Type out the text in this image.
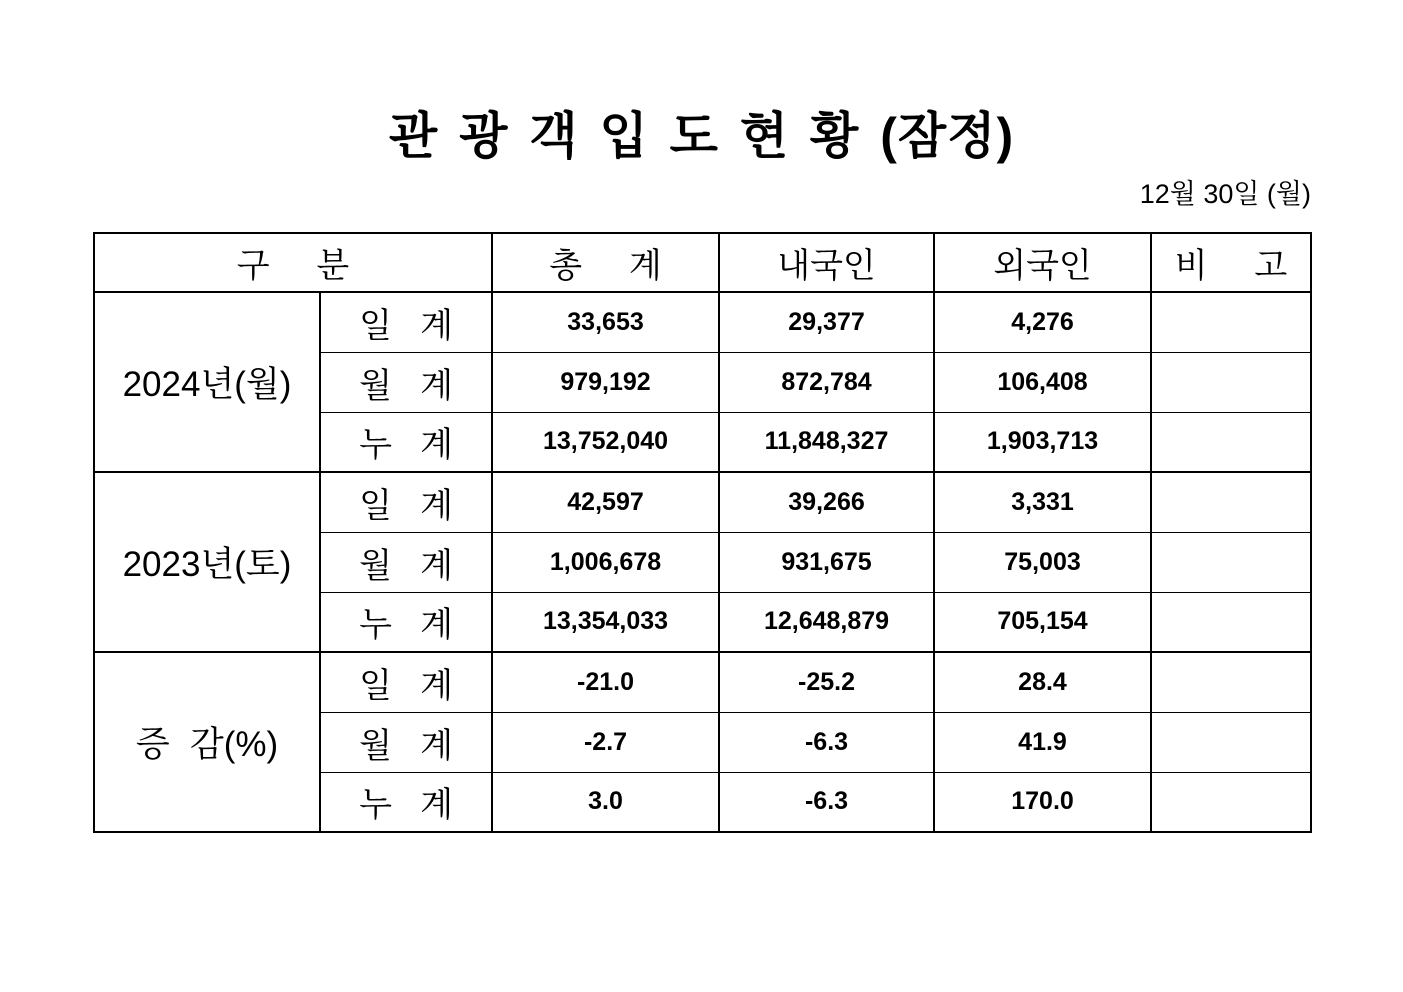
관 광 객 입 도 현 황 (잠정)
12월 30일 (월)
구 분		총 계	내국인	외국인	비 고
2024년(월)	일 계	33,653	29,377	4,276	
	월 계	979,192	872,784	106,408	
	누 계	13,752,040	11,848,327	1,903,713	
2023년(토)	일 계	42,597	39,266	3,331	
	월 계	1,006,678	931,675	75,003	
	누 계	13,354,033	12,648,879	705,154	
증 감(%)	일 계	-21.0	-25.2	28.4	
	월 계	-2.7	-6.3	41.9	
	누 계	3.0	-6.3	170.0	
